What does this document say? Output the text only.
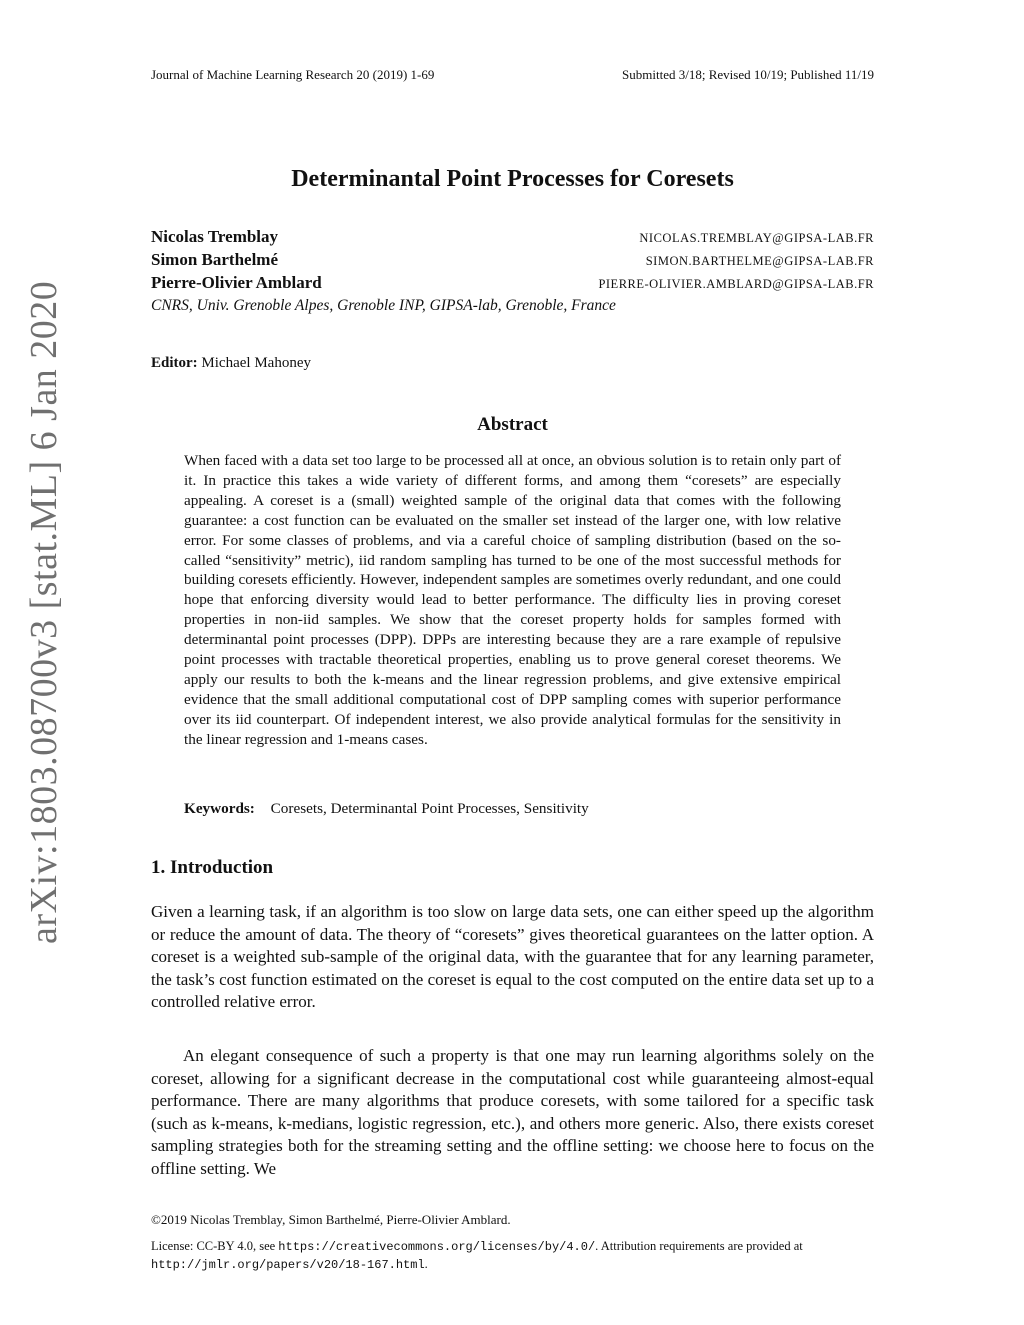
Journal of Machine Learning Research 20 (2019) 1-69	Submitted 3/18; Revised 10/19; Published 11/19
arXiv:1803.08700v3 [stat.ML] 6 Jan 2020
Determinantal Point Processes for Coresets
Nicolas Tremblay	NICOLAS.TREMBLAY@GIPSA-LAB.FR
Simon Barthelmé	SIMON.BARTHELME@GIPSA-LAB.FR
Pierre-Olivier Amblard	PIERRE-OLIVIER.AMBLARD@GIPSA-LAB.FR
CNRS, Univ. Grenoble Alpes, Grenoble INP, GIPSA-lab, Grenoble, France
Editor: Michael Mahoney
Abstract

When faced with a data set too large to be processed all at once, an obvious solution is to retain only part of it. In practice this takes a wide variety of different forms, and among them “coresets” are especially appealing. A coreset is a (small) weighted sample of the original data that comes with the following guarantee: a cost function can be evaluated on the smaller set instead of the larger one, with low relative error. For some classes of problems, and via a careful choice of sampling distribution (based on the so-called “sensitivity” metric), iid random sampling has turned to be one of the most successful methods for building coresets efficiently. However, independent samples are sometimes overly redundant, and one could hope that enforcing diversity would lead to better performance. The difficulty lies in proving coreset properties in non-iid samples. We show that the coreset property holds for samples formed with determinantal point processes (DPP). DPPs are interesting because they are a rare example of repulsive point processes with tractable theoretical properties, enabling us to prove general coreset theorems. We apply our results to both the k-means and the linear regression problems, and give extensive empirical evidence that the small additional computational cost of DPP sampling comes with superior performance over its iid counterpart. Of independent interest, we also provide analytical formulas for the sensitivity in the linear regression and 1-means cases.

Keywords: Coresets, Determinantal Point Processes, Sensitivity
1. Introduction

Given a learning task, if an algorithm is too slow on large data sets, one can either speed up the algorithm or reduce the amount of data. The theory of “coresets” gives theoretical guarantees on the latter option. A coreset is a weighted sub-sample of the original data, with the guarantee that for any learning parameter, the task’s cost function estimated on the coreset is equal to the cost computed on the entire data set up to a controlled relative error.

An elegant consequence of such a property is that one may run learning algorithms solely on the coreset, allowing for a significant decrease in the computational cost while guaranteeing almost-equal performance. There are many algorithms that produce coresets, with some tailored for a specific task (such as k-means, k-medians, logistic regression, etc.), and others more generic. Also, there exists coreset sampling strategies both for the streaming setting and the offline setting: we choose here to focus on the offline setting. We

©2019 Nicolas Tremblay, Simon Barthelmé, Pierre-Olivier Amblard.

License: CC-BY 4.0, see https://creativecommons.org/licenses/by/4.0/. Attribution requirements are provided at http://jmlr.org/papers/v20/18-167.html.
